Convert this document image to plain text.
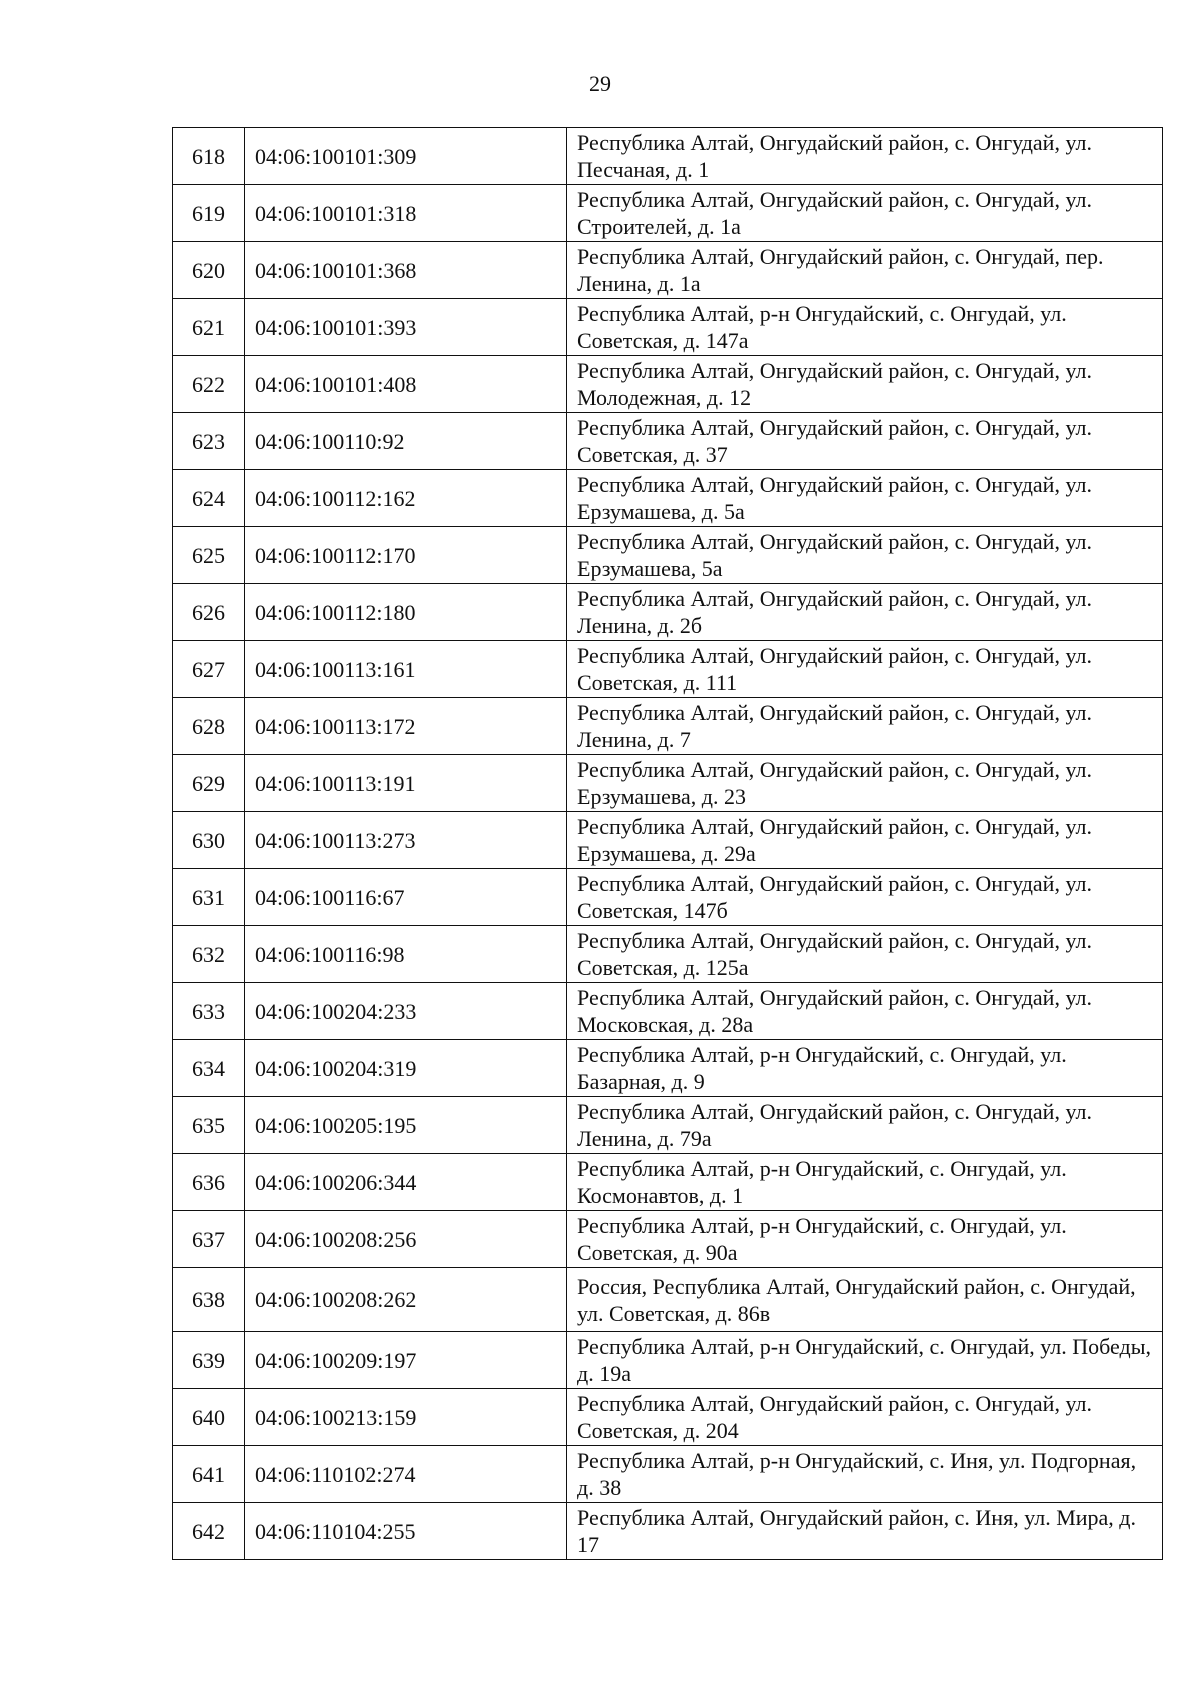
29
618	04:06:100101:309	Республика Алтай, Онгудайский район, с. Онгудай, ул. Песчаная, д. 1
619	04:06:100101:318	Республика Алтай, Онгудайский район, с. Онгудай, ул. Строителей, д. 1а
620	04:06:100101:368	Республика Алтай, Онгудайский район, с. Онгудай, пер. Ленина, д. 1а
621	04:06:100101:393	Республика Алтай, р-н Онгудайский, с. Онгудай, ул. Советская, д. 147а
622	04:06:100101:408	Республика Алтай, Онгудайский район, с. Онгудай, ул. Молодежная, д. 12
623	04:06:100110:92	Республика Алтай, Онгудайский район, с. Онгудай, ул. Советская, д. 37
624	04:06:100112:162	Республика Алтай, Онгудайский район, с. Онгудай, ул. Ерзумашева, д. 5а
625	04:06:100112:170	Республика Алтай, Онгудайский район, с. Онгудай, ул. Ерзумашева, 5а
626	04:06:100112:180	Республика Алтай, Онгудайский район, с. Онгудай, ул. Ленина, д. 2б
627	04:06:100113:161	Республика Алтай, Онгудайский район, с. Онгудай, ул. Советская, д. 111
628	04:06:100113:172	Республика Алтай, Онгудайский район, с. Онгудай, ул. Ленина, д. 7
629	04:06:100113:191	Республика Алтай, Онгудайский район, с. Онгудай, ул. Ерзумашева, д. 23
630	04:06:100113:273	Республика Алтай, Онгудайский район, с. Онгудай, ул. Ерзумашева, д. 29а
631	04:06:100116:67	Республика Алтай, Онгудайский район, с. Онгудай, ул. Советская, 147б
632	04:06:100116:98	Республика Алтай, Онгудайский район, с. Онгудай, ул. Советская, д. 125а
633	04:06:100204:233	Республика Алтай, Онгудайский район, с. Онгудай, ул. Московская, д. 28а
634	04:06:100204:319	Республика Алтай, р-н Онгудайский, с. Онгудай, ул. Базарная, д. 9
635	04:06:100205:195	Республика Алтай, Онгудайский район, с. Онгудай, ул. Ленина, д. 79а
636	04:06:100206:344	Республика Алтай, р-н Онгудайский, с. Онгудай, ул. Космонавтов, д. 1
637	04:06:100208:256	Республика Алтай, р-н Онгудайский, с. Онгудай, ул. Советская, д. 90а
638	04:06:100208:262	Россия, Республика Алтай, Онгудайский район, с. Онгудай, ул. Советская, д. 86в
639	04:06:100209:197	Республика Алтай, р-н Онгудайский, с. Онгудай, ул. Победы, д. 19а
640	04:06:100213:159	Республика Алтай, Онгудайский район, с. Онгудай, ул. Советская, д. 204
641	04:06:110102:274	Республика Алтай, р-н Онгудайский, с. Иня, ул. Подгорная, д. 38
642	04:06:110104:255	Республика Алтай, Онгудайский район, с. Иня, ул. Мира, д. 17
